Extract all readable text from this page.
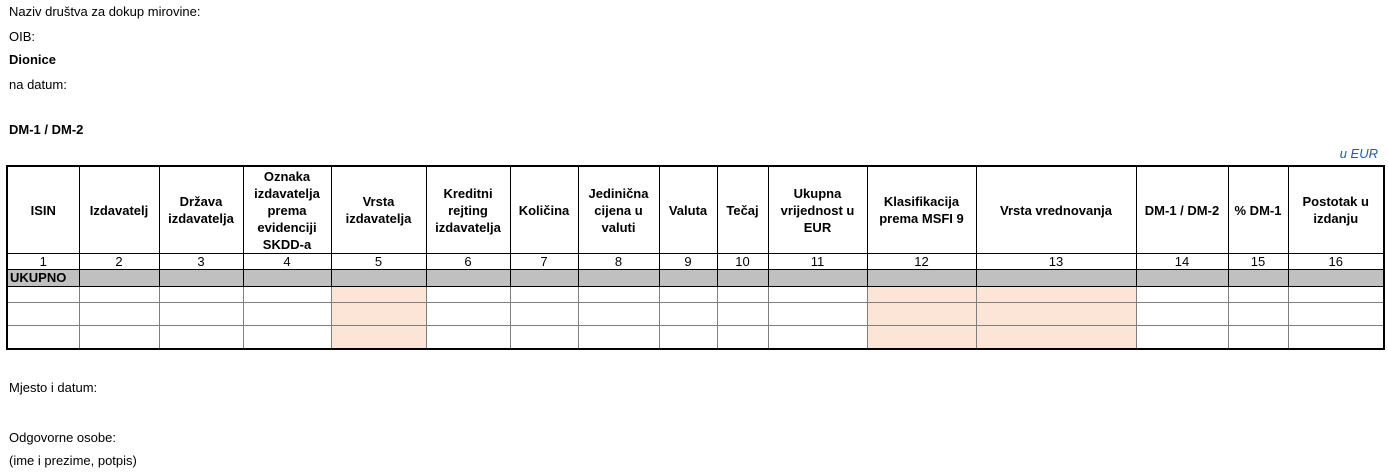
Naziv društva za dokup mirovine:
OIB:
Dionice
na datum:
DM-1 / DM-2
u EUR
ISIN	Izdavatelj	Država izdavatelja	Oznaka izdavatelja prema evidenciji SKDD-a	Vrsta izdavatelja	Kreditni rejting izdavatelja	Količina	Jedinična cijena u valuti	Valuta	Tečaj	Ukupna vrijednost u EUR	Klasifikacija prema MSFI 9	Vrsta vrednovanja	DM-1 / DM-2	% DM-1	Postotak u izdanju
1	2	3	4	5	6	7	8	9	10	11	12	13	14	15	16
UKUPNO															

Mjesto i datum:
Odgovorne osobe:
(ime i prezime, potpis)
